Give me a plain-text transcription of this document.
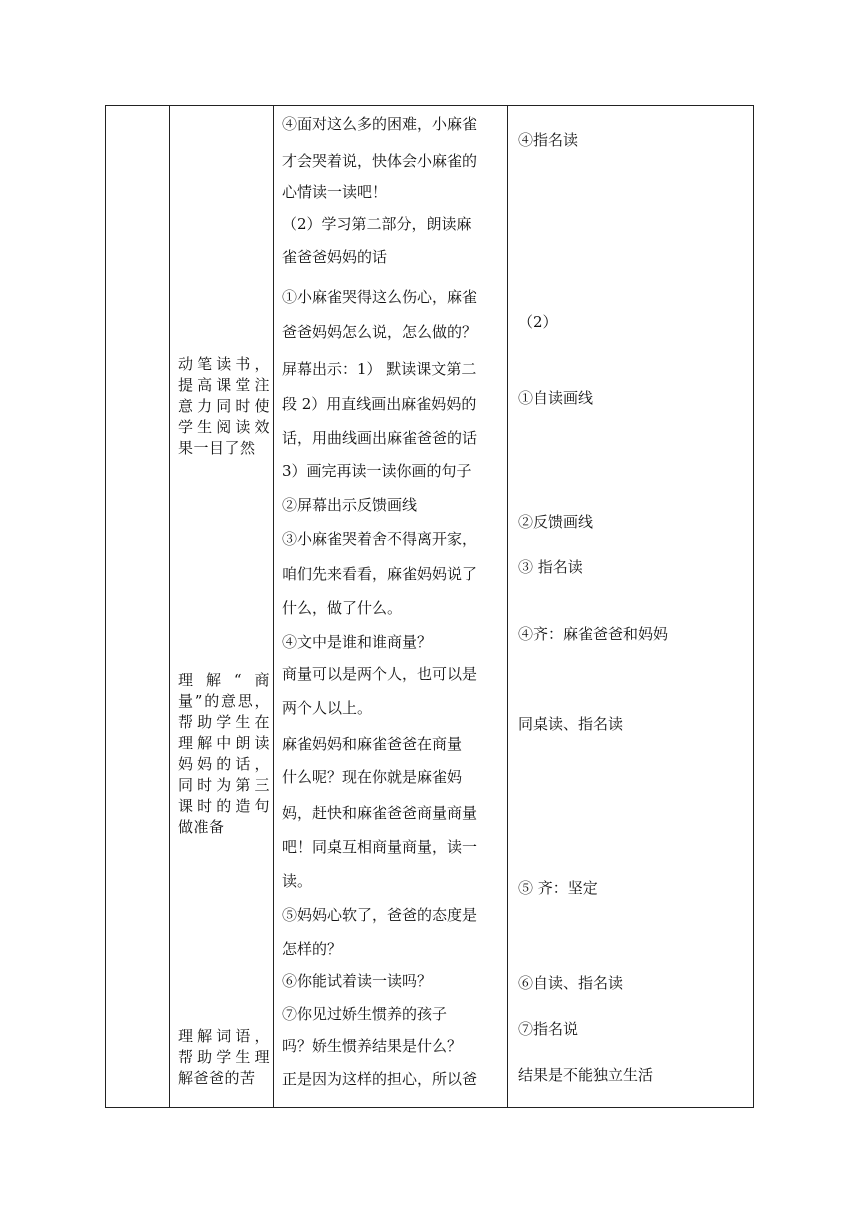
动笔读书，提高课堂注意力同时使学生阅读效果一目了然
理解“商量”的意思，帮助学生在理解中朗读妈妈的话，同时为第三课时的造句做准备
理解词语，帮助学生理解爸爸的苦
④面对这么多的困难，小麻雀
才会哭着说，快体会小麻雀的
心情读一读吧！
（2）学习第二部分，朗读麻
雀爸爸妈妈的话
①小麻雀哭得这么伤心，麻雀
爸爸妈妈怎么说，怎么做的？
屏幕出示：1） 默读课文第二
段 2）用直线画出麻雀妈妈的
话，用曲线画出麻雀爸爸的话
3）画完再读一读你画的句子
②屏幕出示反馈画线
③小麻雀哭着舍不得离开家，
咱们先来看看，麻雀妈妈说了
什么，做了什么。
④文中是谁和谁商量？
商量可以是两个人，也可以是
两个人以上。
麻雀妈妈和麻雀爸爸在商量
什么呢？现在你就是麻雀妈
妈，赶快和麻雀爸爸商量商量
吧！同桌互相商量商量，读一
读。
⑤妈妈心软了，爸爸的态度是
怎样的？
⑥你能试着读一读吗？
⑦你见过娇生惯养的孩子
吗？娇生惯养结果是什么？
正是因为这样的担心，所以爸
④指名读
（2）
①自读画线
②反馈画线
③ 指名读
④齐：麻雀爸爸和妈妈
同桌读、指名读
⑤ 齐：坚定
⑥自读、指名读
⑦指名说
结果是不能独立生活
